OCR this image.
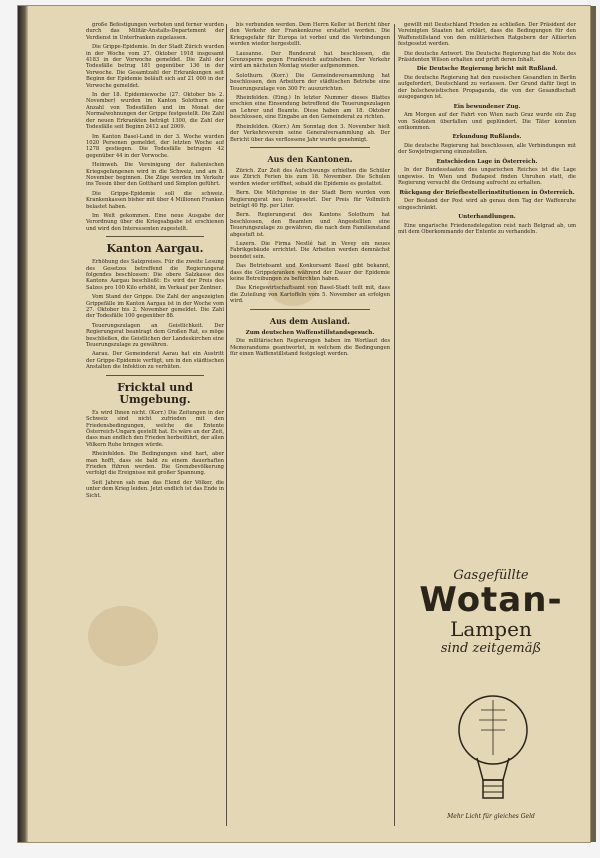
große Befestigungen verboten und ferner wurden durch das Militär-Anstalts-Departement der Verdienst in Unterfranken zugelassen.

Die Grippe-Epidemie. In der Stadt Zürich wurden in der Woche vom 27. Oktober 1918 insgesamt 4183 in der Vorwoche gemeldet. Die Zahl der Todesfälle betrug 181 gegenüber 136 in der Vorwoche. Die Gesamtzahl der Erkrankungen seit Beginn der Epidemie beläuft sich auf 21 000 in der Vorwoche gemeldet.

In der 18. Epidemiewoche (27. Oktober bis 2. November) wurden im Kanton Solothurn eine Anzahl von Todesfällen und im Monat der Normalwohnungen der Grippe festgestellt. Die Zahl der neuen Erkrankten beträgt 1300, die Zahl der Todesfälle seit Beginn 2412 auf 2009.

Im Kanton Basel-Land in der 3. Woche wurden 1020 Personen gemeldet, der letzten Woche auf 1278 gestiegen. Die Todesfälle betrugen 42 gegenüber 44 in der Vorwoche.

Heimweh. Die Vereinigung der italienischen Kriegsgefangenen wird in die Schweiz, und am 8. November beginnen. Die Züge werden im Verkehr ins Tessin über den Gotthard und Simplon geführt.

Die Grippe-Epidemie soll die schweiz. Krankenkassen bisher mit über 4 Millionen Franken belastet haben.

Im Welt gekommen. Eine neue Ausgabe der Verordnung über die Kriegsabgabe ist erschienen und wird den Interessenten zugestellt.

Kanton Aargau.

Erhöhung des Salzpreises. Für die zweite Lesung des Gesetzes betreffend die Regierungsrat folgendes beschlossen: Die obere Salzkasse des Kantons Aargau beschließt: Es wird der Preis des Salzes pro 100 Kilo erhöht, im Verkauf per Zentner.

Vom Stand der Grippe. Die Zahl der angezeigten Grippefälle im Kanton Aargau ist in der Woche vom 27. Oktober bis 2. November gemeldet. Die Zahl der Todesfälle 100 gegenüber 88.

Teuerungszulagen an Geistlichkeit. Der Regierungsrat beantragt dem Großen Rat, es möge beschließen, die Geistlichen der Landeskirchen eine Teuerungszulage zu gewähren.

Aarau. Der Gemeinderat Aarau hat ein Austritt der Grippe-Epidemie verfügt, um in den städtischen Anstalten die Infektion zu verhüten.

Fricktal und Umgebung.

Es wird Ihnen nicht. (Korr.) Die Zeitungen in der Schweiz sind nicht zufrieden mit den Friedensbedingungen, welche die Entente Österreich-Ungarn gestellt hat. Es wäre an der Zeit, dass man endlich den Frieden herbeiführt, der allen Völkern Ruhe bringen würde.

Rheinfelden. Die Bedingungen sind hart, aber man hofft, dass sie bald zu einem dauerhaften Frieden führen werden. Die Grenzbevölkerung verfolgt die Ereignisse mit großer Spannung.

Seit Jahren sah man das Elend der Völker, die unter dem Krieg leiden. Jetzt endlich ist das Ende in Sicht.

bis verbunden werden. Dem Herrn Keller ist Bericht über den Verkehr der Frankenkurse erstattet worden. Die Kriegsgefahr für Europa ist vorbei und die Verbindungen werden wieder hergestellt.

Lausanne. Der Bundesrat hat beschlossen, die Grenzsperre gegen Frankreich aufzuheben. Der Verkehr wird am nächsten Montag wieder aufgenommen.

Solothurn. (Korr.) Die Gemeindeversammlung hat beschlossen, den Arbeitern der städtischen Betriebe eine Teuerungszulage von 300 Fr. auszurichten.

Rheinfelden. (Eing.) In letzter Nummer dieses Blattes erschien eine Einsendung betreffend die Teuerungszulagen an Lehrer und Beamte. Diese haben am 18. Oktober beschlossen, eine Eingabe an den Gemeinderat zu richten.

Rheinfelden. (Korr.) Am Sonntag den 3. November hielt der Verkehrsverein seine Generalversammlung ab. Der Bericht über das verflossene Jahr wurde genehmigt.

Aus den Kantonen.

Zürich. Zur Zeit des Aufschwungs erhielten die Schüler aus Zürich Ferien bis zum 18. November. Die Schulen werden wieder eröffnet, sobald die Epidemie es gestattet.

Bern. Die Milchpreise in der Stadt Bern wurden vom Regierungsrat neu festgesetzt. Der Preis für Vollmilch beträgt 40 Rp. per Liter.

Bern. Regierungsrat des Kantons Solothurn hat beschlossen, den Beamten und Angestellten eine Teuerungszulage zu gewähren, die nach dem Familienstand abgestuft ist.

Luzern. Die Firma Nestlé hat in Vevey ein neues Fabrikgebäude errichtet. Die Arbeiten werden demnächst beendet sein.

Das Betriebsamt und Konkursamt Basel gibt bekannt, dass die Grippekranken während der Dauer der Epidemie keine Betreibungen zu befürchten haben.

Das Kriegswirtschaftsamt von Basel-Stadt teilt mit, dass die Zuteilung von Kartoffeln vom 5. November an erfolgen wird.

Aus dem Ausland.
Zum deutschen Waffenstillstandsgesuch.

Die militärischen Regierungen haben im Wortlaut des Memorandums geantwortet, in welchem die Bedingungen für einen Waffenstillstand festgelegt werden.

gewillt mit Deutschland Frieden zu schließen. Der Präsident der Vereinigten Staaten hat erklärt, dass die Bedingungen für den Waffenstillstand von den militärischen Ratgebern der Alliierten festgesetzt werden.

Die deutsche Antwort. Die Deutsche Regierung hat die Note des Präsidenten Wilson erhalten und prüft deren Inhalt.

Die Deutsche Regierung bricht mit Rußland.

Die deutsche Regierung hat den russischen Gesandten in Berlin aufgefordert, Deutschland zu verlassen. Der Grund dafür liegt in der bolschewistischen Propaganda, die von der Gesandtschaft ausgegangen ist.

Ein bewundener Zug.

Am Morgen auf der Fahrt von Wien nach Graz wurde ein Zug von Soldaten überfallen und geplündert. Die Täter konnten entkommen.

Erkundung Rußlands.

Die deutsche Regierung hat beschlossen, alle Verbindungen mit der Sowjetregierung einzustellen.

Entschieden Lage in Österreich.

In der Bundesstaaten des ungarischen Reiches ist die Lage ungewiss. In Wien und Budapest finden Unruhen statt, die Regierung versucht die Ordnung aufrecht zu erhalten.

Rückgang der Briefbestellerinstitutionen in Österreich.

Der Bestand der Post wird ab genau dem Tag der Waffenruhe eingeschränkt.

Unterhandlungen.

Eine ungarische Friedensdelegation reist nach Belgrad ab, um mit dem Oberkommando der Entente zu verhandeln.

Gasgefüllte
Wotan-
Lampen
sind zeitgemäß
Mehr Licht für gleiches Geld
